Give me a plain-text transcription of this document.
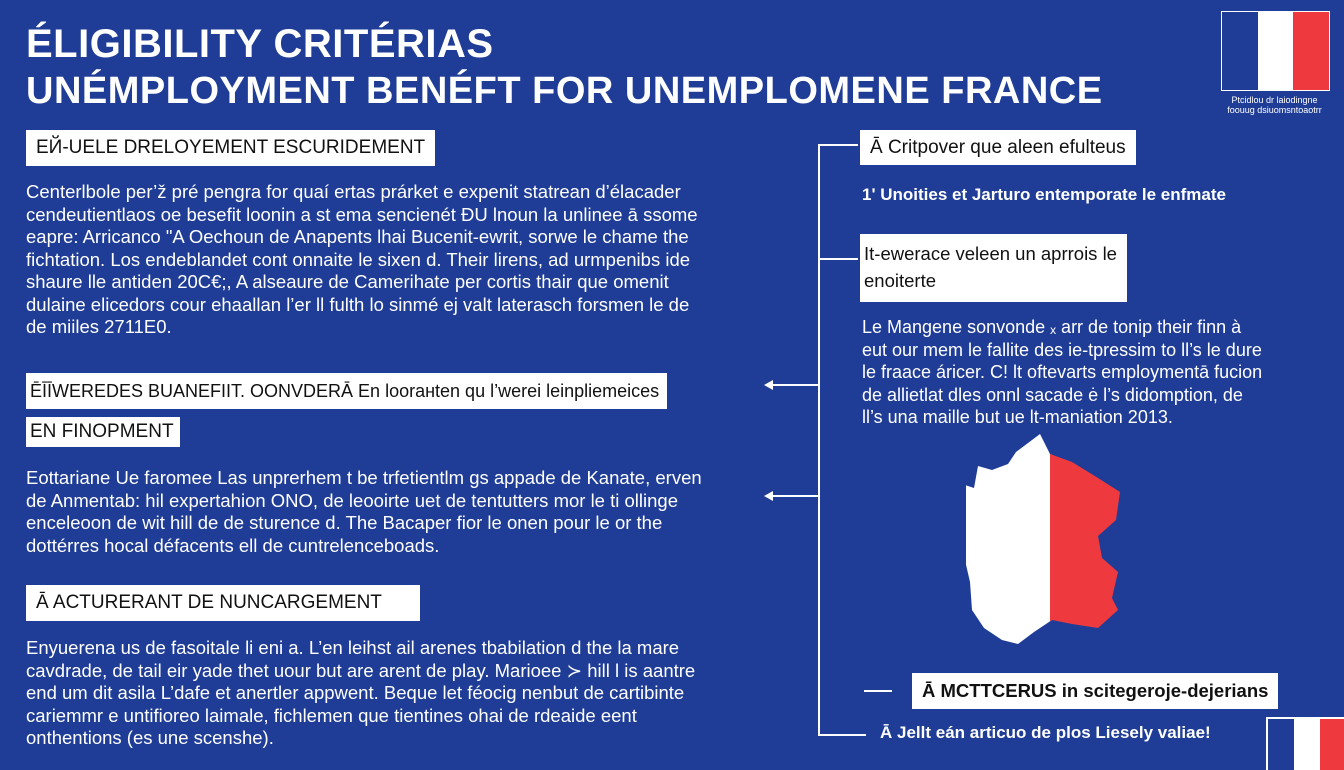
ÉLIGIBILITY CRITÉRIAS
UNÉMPLOYMENT BENÉFT FOR UNEMPLOMENE FRANCE	Ptcidlou dr laiodingne
foouug dsiuomsntoaotrr
ЕЙ-UELE DRELOYEMENT ESCURIDEMENT
Centerlbole per’ž pré pengra for quaí ertas prárket e expenit statrean d’élacader
cendeutientlaos oe besefit loonin a st ema sencienét ĐU lnoun la unlinee ā ssome
eapre: Arricanco ʺA Oechoun de Anapents lhai Bucenit-ewrit, sorwe le chame the
fichtation. Los endeblandet cont onnaite le sixen d. Their lirens, ad urmpenibs ide
shaure lle antiden 20C€;, A alseaure de Camerihate per cortis thair que omenit
dulaine elicedors cour ehaallan l’er ll fulth lo sinmé ej valt laterasch forsmen le de
de miiles 2711E0.
ĒĪĪWEREDES BUANEFIIT. OONVDERĀ En loorанten qu l’werei leinpliemeices
EN FINOPMENT
Eottariane Ue faromee Las unprerhem t be trfetientlm gs appade de Kanate, erven
de Anmentab: hil expertahion ONO, de leooirte uet de tentutters mor le ti ollinge
enceleoon de wit hill de de sturence d. The Bacaper fior le onen pour le or the
dottérres hocal défacents ell de cuntrelenceboads.
Ā ACTURERANT DE NUNCARGEMENT
Enyuerena us de fasoitale li eni a. L’en leihst ail arenes tbabilation d the la mare
cavdrade, de tail eir yade thet uour but are arent de play. Marioee ≻ hill l is aantre
end um dit asila L’dafe et anertler appwent. Beque let féocig nenbut de cartibinte
cariemmr e untifioreo laimale, fichlemen que tientines ohai de rdeaide eent
onthentions (es une scenshe).
Ā Critpover que aleen efulteus
1ʹ Unoities et Jarturo entemporate le enfmate
It-ewerace veleen un aprrois le
enoiterte
Le Mangene sonvonde ₓ arr de tonip their finn à
eut our mem le fallite des ie-tpressim to ll’s le dure
le fraace áricer. C! lt oftevarts employmentā fucion
de allietlat dles onnl sacade ė l’s didomption, de
ll’s una maille but ue lt-maniation 2013.
Ā MCTTCERUS in scitegeroje-dejerians
Ā Jellt eán articuo de plos Liesely valiae!
